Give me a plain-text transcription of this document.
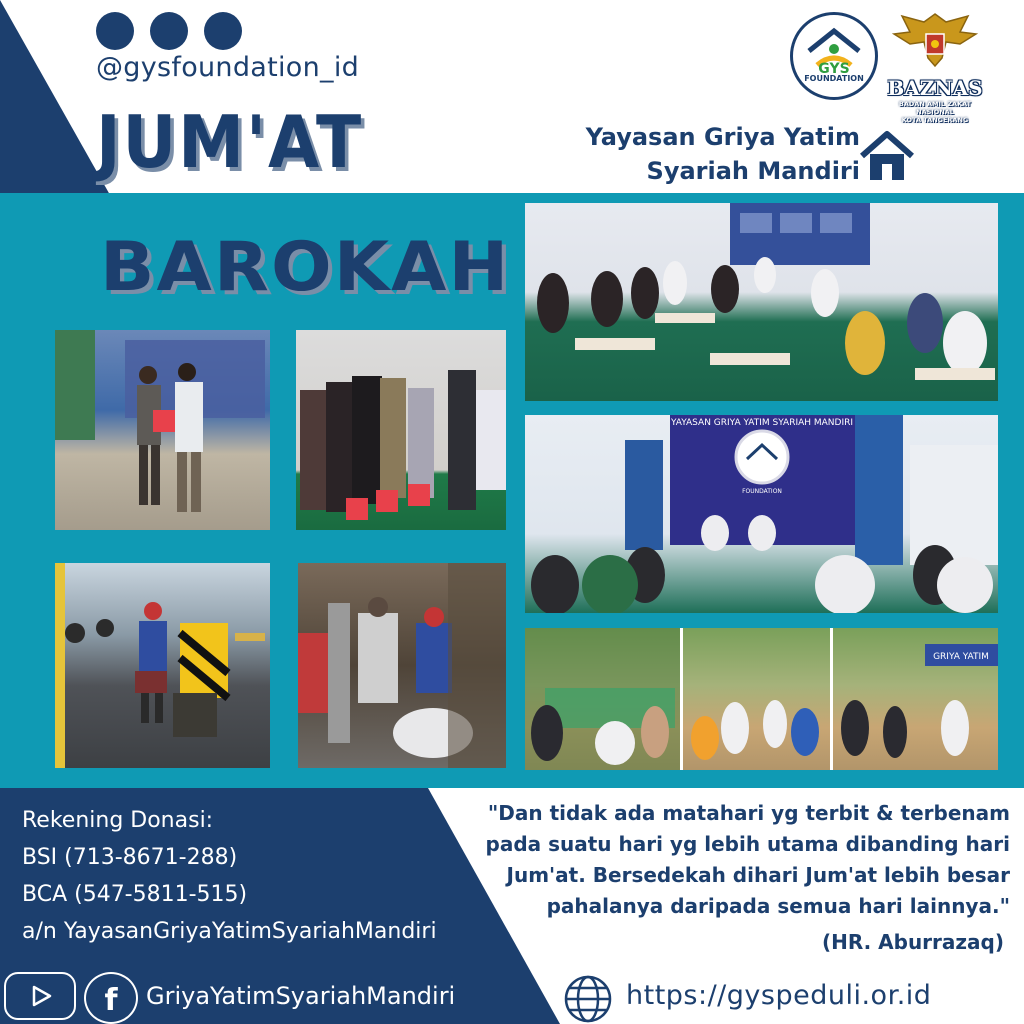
@gysfoundation_id
JUM'AT
GYS
FOUNDATION	BAZNAS
BADAN AMIL ZAKAT NASIONAL
KOTA TANGERANG
Yayasan Griya Yatim
Syariah Mandiri
BAROKAH
YAYASAN GRIYA YATIM SYARIAH MANDIRI
FOUNDATION
GRIYA YATIM
Rekening Donasi:
BSI (713-8671-288)
BCA (547-5811-515)
a/n YayasanGriyaYatimSyariahMandiri
"Dan tidak ada matahari yg terbit & terbenam
pada suatu hari yg lebih utama dibanding hari
Jum'at. Bersedekah dihari Jum'at lebih besar
pahalanya daripada semua hari lainnya."
(HR. Aburrazaq)
f GriyaYatimSyariahMandiri	https://gyspeduli.or.id
